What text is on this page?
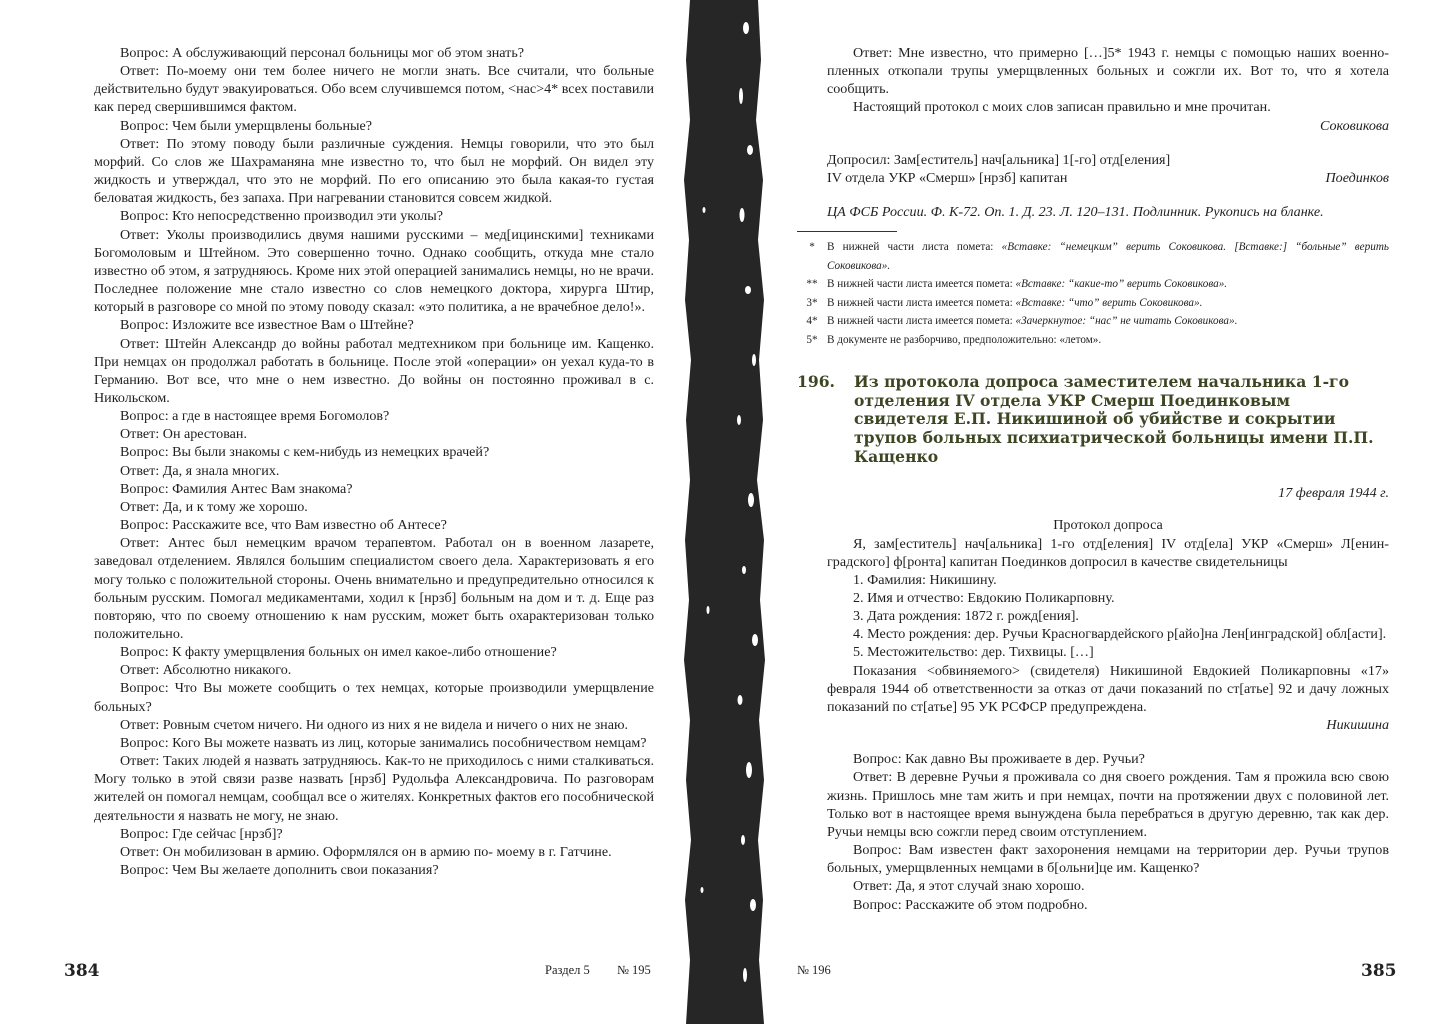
Вопрос: А обслуживающий персонал больницы мог об этом знать?

Ответ: По-моему они тем более ничего не могли знать. Все считали, что больные действительно будут эвакуироваться. Обо всем случившемся потом, <нас>4* всех поставили как перед свершившимся фактом.

Вопрос: Чем были умерщвлены больные?

Ответ: По этому поводу были различные суждения. Немцы говорили, что это был морфий. Со слов же Шахраманяна мне известно то, что был не морфий. Он видел эту жидкость и утверждал, что это не морфий. По его описанию это была какая-то густая беловатая жидкость, без запаха. При нагревании становится совсем жидкой.

Вопрос: Кто непосредственно производил эти уколы?

Ответ: Уколы производились двумя нашими русскими – мед[ицинскими] техниками Богомоловым и Штейном. Это совершенно точно. Однако сообщить, откуда мне стало известно об этом, я затрудняюсь. Кроме них этой операцией занимались немцы, но не врачи. Последнее положение мне стало известно со слов немецкого доктора, хирурга Штир, который в разговоре со мной по этому поводу сказал: «это политика, а не врачебное дело!».

Вопрос: Изложите все известное Вам о Штейне?

Ответ: Штейн Александр до войны работал медтехником при больнице им. Кащенко. При немцах он продолжал работать в больнице. После этой «операции» он уехал куда-то в Германию. Вот все, что мне о нем известно. До войны он постоянно проживал в с. Никольском.

Вопрос: а где в настоящее время Богомолов?

Ответ: Он арестован.

Вопрос: Вы были знакомы с кем-нибудь из немецких врачей?

Ответ: Да, я знала многих.

Вопрос: Фамилия Антес Вам знакома?

Ответ: Да, и к тому же хорошо.

Вопрос: Расскажите все, что Вам известно об Антесе?

Ответ: Антес был немецким врачом терапевтом. Работал он в военном лазарете, заведовал отделением. Являлся большим специалистом своего дела. Характеризовать я его могу только с положительной стороны. Очень внимательно и предупредительно относился к больным русским. Помогал медикаментами, ходил к [нрзб] больным на дом и т. д. Еще раз повторяю, что по своему отношению к нам русским, может быть охарактеризован только положительно.

Вопрос: К факту умерщвления больных он имел какое-либо отношение?

Ответ: Абсолютно никакого.

Вопрос: Что Вы можете сообщить о тех немцах, которые производили умерщвление больных?

Ответ: Ровным счетом ничего. Ни одного из них я не видела и ничего о них не знаю.

Вопрос: Кого Вы можете назвать из лиц, которые занимались пособничеством немцам?

Ответ: Таких людей я назвать затрудняюсь. Как-то не приходилось с ними сталкиваться. Могу только в этой связи разве назвать [нрзб] Рудольфа Александровича. По разговорам жителей он помогал немцам, сообщал все о жителях. Конкретных фактов его пособнической деятельности я назвать не могу, не знаю.

Вопрос: Где сейчас [нрзб]?

Ответ: Он мобилизован в армию. Оформлялся он в армию по- моему в г. Гатчине.

Вопрос: Чем Вы желаете дополнить свои показания?

384	Раздел 5 № 195

Ответ: Мне известно, что примерно […]5* 1943 г. немцы с помощью наших военнопленных откопали трупы умерщвленных больных и сожгли их. Вот то, что я хотела сообщить.

Настоящий протокол с моих слов записан правильно и мне прочитан.

Соковикова

Допросил: Зам[еститель] нач[альника] 1[-го] отд[еления]

IV отдела УКР «Смерш» [нрзб] капитан	Поединков

ЦА ФСБ России. Ф. К-72. Оп. 1. Д. 23. Л. 120–131. Подлинник. Рукопись на бланке.

*	В нижней части листа помета: «Вставке: “немецким” верить Соковикова. [Вставке:] “больные” верить Соковикова».
** В нижней части листа имеется помета: «Вставке: “какие-то” верить Соковикова».
3* В нижней части листа имеется помета: «Вставке: “что” верить Соковикова».
4* В нижней части листа имеется помета: «Зачеркнутое: “нас” не читать Соковикова».
5* В документе не разборчиво, предположительно: «летом».
196.	Из протокола допроса заместителем начальника 1-го отделения IV отдела УКР Смерш Поединковым свидетеля Е.П. Никишиной об убийстве и сокрытии трупов больных психиатрической больницы имени П.П. Кащенко

17 февраля 1944 г.

Протокол допроса

Я, зам[еститель] нач[альника] 1-го отд[еления] IV отд[ела] УКР «Смерш» Л[енинградского] ф[ронта] капитан Поединков допросил в качестве свидетельницы

1. Фамилия: Никишину.

2. Имя и отчество: Евдокию Поликарповну.

3. Дата рождения: 1872 г. рожд[ения].

4. Место рождения: дер. Ручьи Красногвардейского р[айо]на Лен[инградской] обл[асти].

5. Местожительство: дер. Тихвицы. […]

Показания <обвиняемого> (свидетеля) Никишиной Евдокией Поликарповны «17» февраля 1944 об ответственности за отказ от дачи показаний по ст[атье] 92 и дачу ложных показаний по ст[атье] 95 УК РСФСР предупреждена.

Никишина

Вопрос: Как давно Вы проживаете в дер. Ручьи?

Ответ: В деревне Ручьи я проживала со дня своего рождения. Там я прожила всю свою жизнь. Пришлось мне там жить и при немцах, почти на протяжении двух с половиной лет. Только вот в настоящее время вынуждена была перебраться в другую деревню, так как дер. Ручьи немцы всю сожгли перед своим отступлением.

Вопрос: Вам известен факт захоронения немцами на территории дер. Ручьи трупов больных, умерщвленных немцами в б[ольни]це им. Кащенко?

Ответ: Да, я этот случай знаю хорошо.

Вопрос: Расскажите об этом подробно.

№ 196	385
